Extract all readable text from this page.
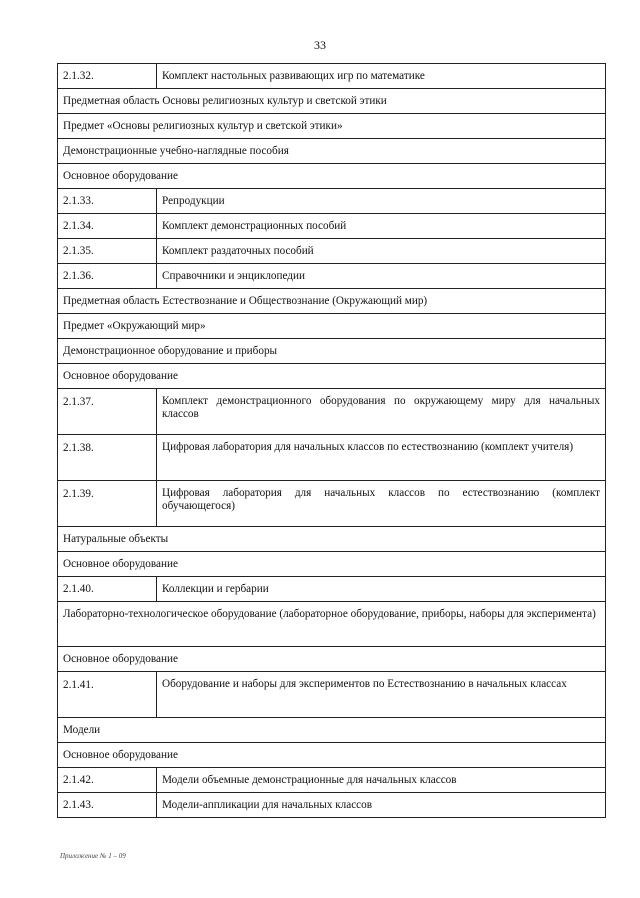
33
2.1.32.	Комплект настольных развивающих игр по математике
Предметная область Основы религиозных культур и светской этики	
Предмет «Основы религиозных культур и светской этики»	
Демонстрационные учебно-наглядные пособия	
Основное оборудование	
2.1.33.	Репродукции
2.1.34.	Комплект демонстрационных пособий
2.1.35.	Комплект раздаточных пособий
2.1.36.	Справочники и энциклопедии
Предметная область Естествознание и Обществознание (Окружающий мир)	
Предмет «Окружающий мир»	
Демонстрационное оборудование и приборы	
Основное оборудование	
2.1.37.	Комплект демонстрационного оборудования по окружающему миру для начальных классов
2.1.38.	Цифровая лаборатория для начальных классов по естествознанию (комплект учителя)
2.1.39.	Цифровая лаборатория для начальных классов по естествознанию (комплект обучающегося)
Натуральные объекты	
Основное оборудование	
2.1.40.	Коллекции и гербарии
Лабораторно-технологическое оборудование (лабораторное оборудование, приборы, наборы для эксперимента)	
Основное оборудование	
2.1.41.	Оборудование и наборы для экспериментов по Естествознанию в начальных классах
Модели	
Основное оборудование	
2.1.42.	Модели объемные демонстрационные для начальных классов
2.1.43.	Модели-аппликации для начальных классов
Приложение № 1 – 09
